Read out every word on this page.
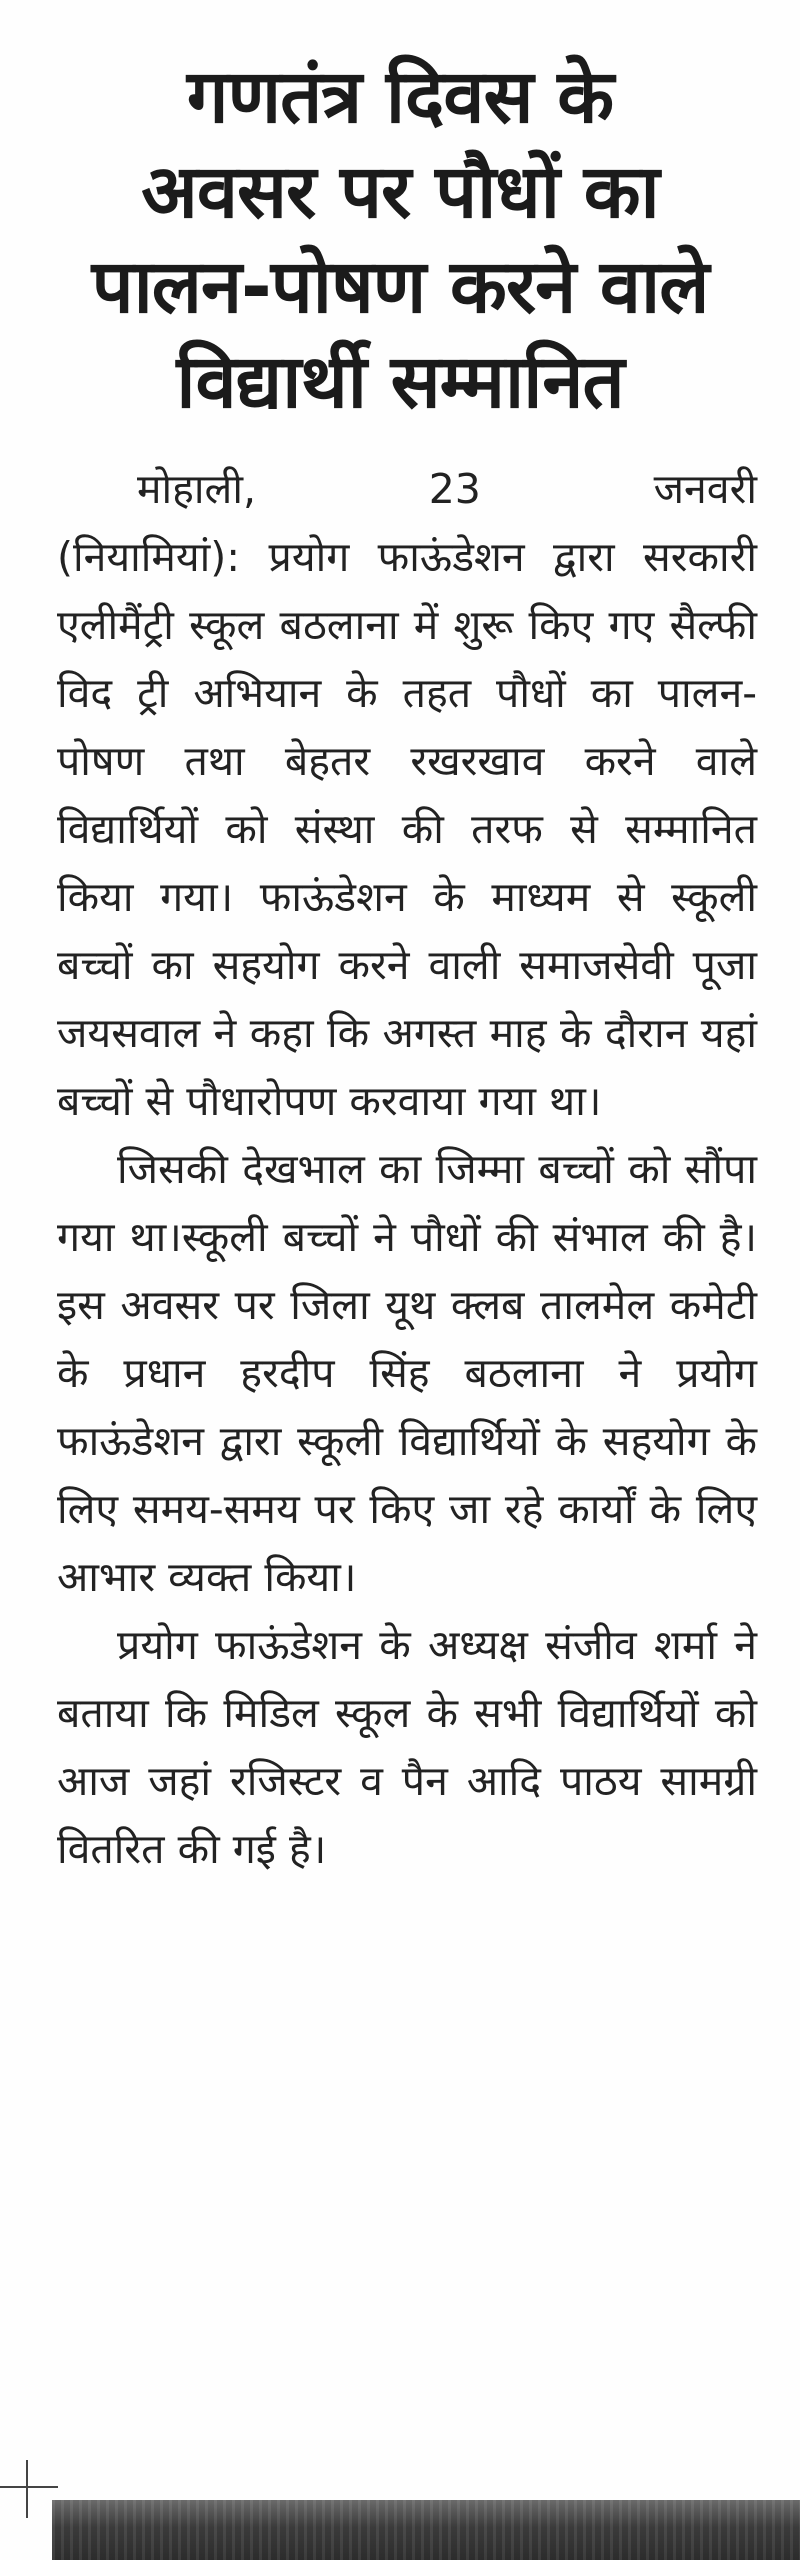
गणतंत्र दिवस के
अवसर पर पौधों का
पालन-पोषण करने वाले
विद्यार्थी सम्मानित
मोहाली,	23	जनवरी

(नियामियां): प्रयोग फाऊंडेशन द्वारा सरकारी एलीमैंट्री स्कूल बठलाना में शुरू किए गए सैल्फी विद ट्री अभियान के तहत पौधों का पालन-पोषण तथा बेहतर रखरखाव करने वाले विद्यार्थियों को संस्था की तरफ से सम्मानित किया गया। फाऊंडेशन के माध्यम से स्कूली बच्चों का सहयोग करने वाली समाजसेवी पूजा जयसवाल ने कहा कि अगस्त माह के दौरान यहां बच्चों से पौधारोपण करवाया गया था।

जिसकी देखभाल का जिम्मा बच्चों को सौंपा गया था।स्कूली बच्चों ने पौधों की संभाल की है।इस अवसर पर जिला यूथ क्लब तालमेल कमेटी के प्रधान हरदीप सिंह बठलाना ने प्रयोग फाऊंडेशन द्वारा स्कूली विद्यार्थियों के सहयोग के लिए समय-समय पर किए जा रहे कार्यों के लिए आभार व्यक्त किया।

प्रयोग फाऊंडेशन के अध्यक्ष संजीव शर्मा ने बताया कि मिडिल स्कूल के सभी विद्यार्थियों को आज जहां रजिस्टर व पैन आदि पाठय सामग्री वितरित की गई है।
